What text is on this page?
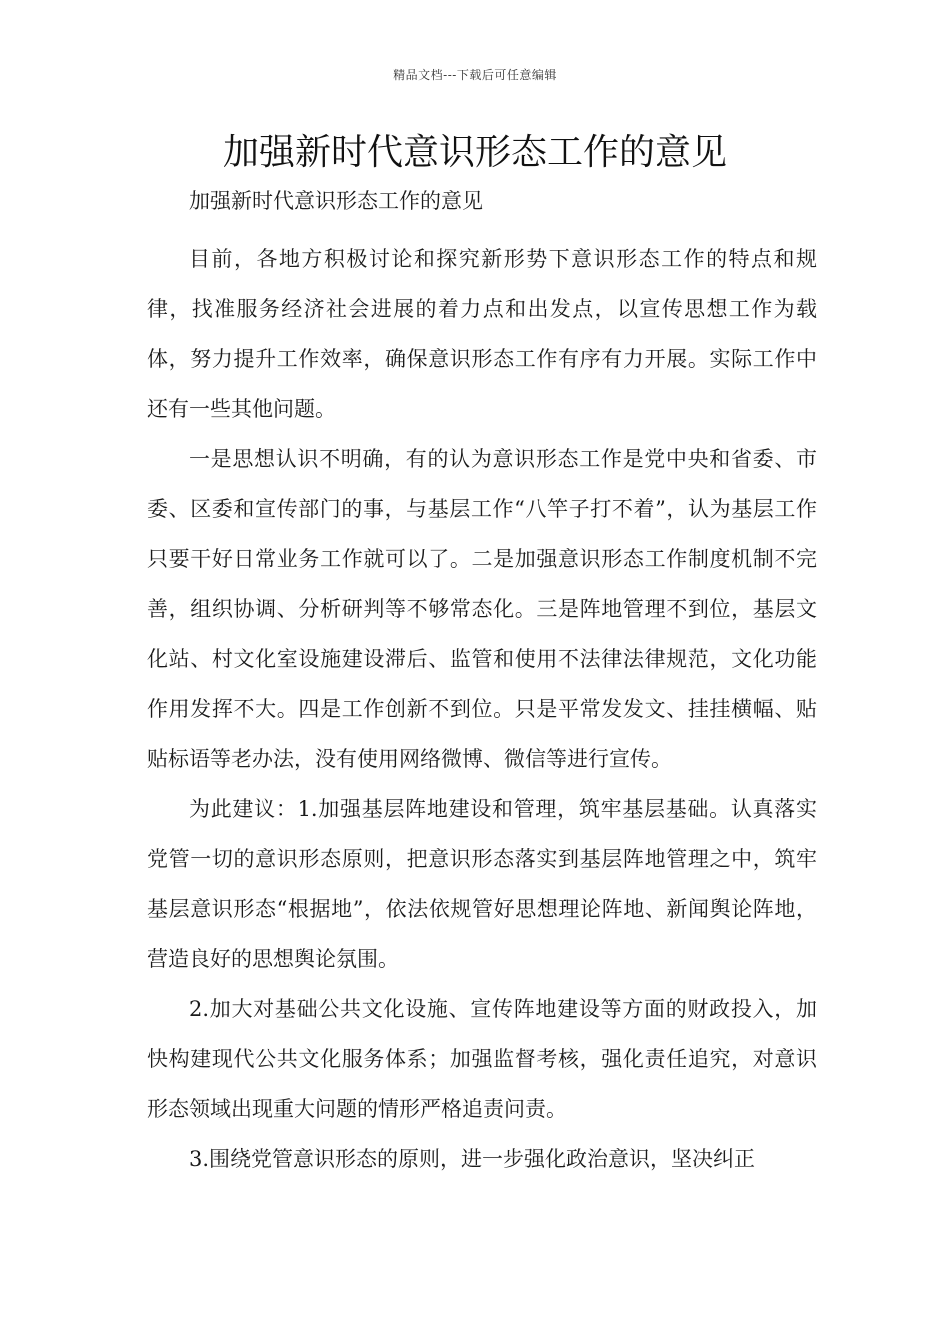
精品文档---下载后可任意编辑
加强新时代意识形态工作的意见

加强新时代意识形态工作的意见

目前，各地方积极讨论和探究新形势下意识形态工作的特点和规律，找准服务经济社会进展的着力点和出发点，以宣传思想工作为载体，努力提升工作效率，确保意识形态工作有序有力开展。实际工作中还有一些其他问题。

一是思想认识不明确，有的认为意识形态工作是党中央和省委、市委、区委和宣传部门的事，与基层工作“八竿子打不着”，认为基层工作只要干好日常业务工作就可以了。二是加强意识形态工作制度机制不完善，组织协调、分析研判等不够常态化。三是阵地管理不到位，基层文化站、村文化室设施建设滞后、监管和使用不法律法律规范，文化功能作用发挥不大。四是工作创新不到位。只是平常发发文、挂挂横幅、贴贴标语等老办法，没有使用网络微博、微信等进行宣传。

为此建议：1.加强基层阵地建设和管理，筑牢基层基础。认真落实党管一切的意识形态原则，把意识形态落实到基层阵地管理之中，筑牢基层意识形态“根据地”，依法依规管好思想理论阵地、新闻舆论阵地，营造良好的思想舆论氛围。

2.加大对基础公共文化设施、宣传阵地建设等方面的财政投入，加快构建现代公共文化服务体系；加强监督考核，强化责任追究，对意识形态领域出现重大问题的情形严格追责问责。

3.围绕党管意识形态的原则，进一步强化政治意识，坚决纠正
